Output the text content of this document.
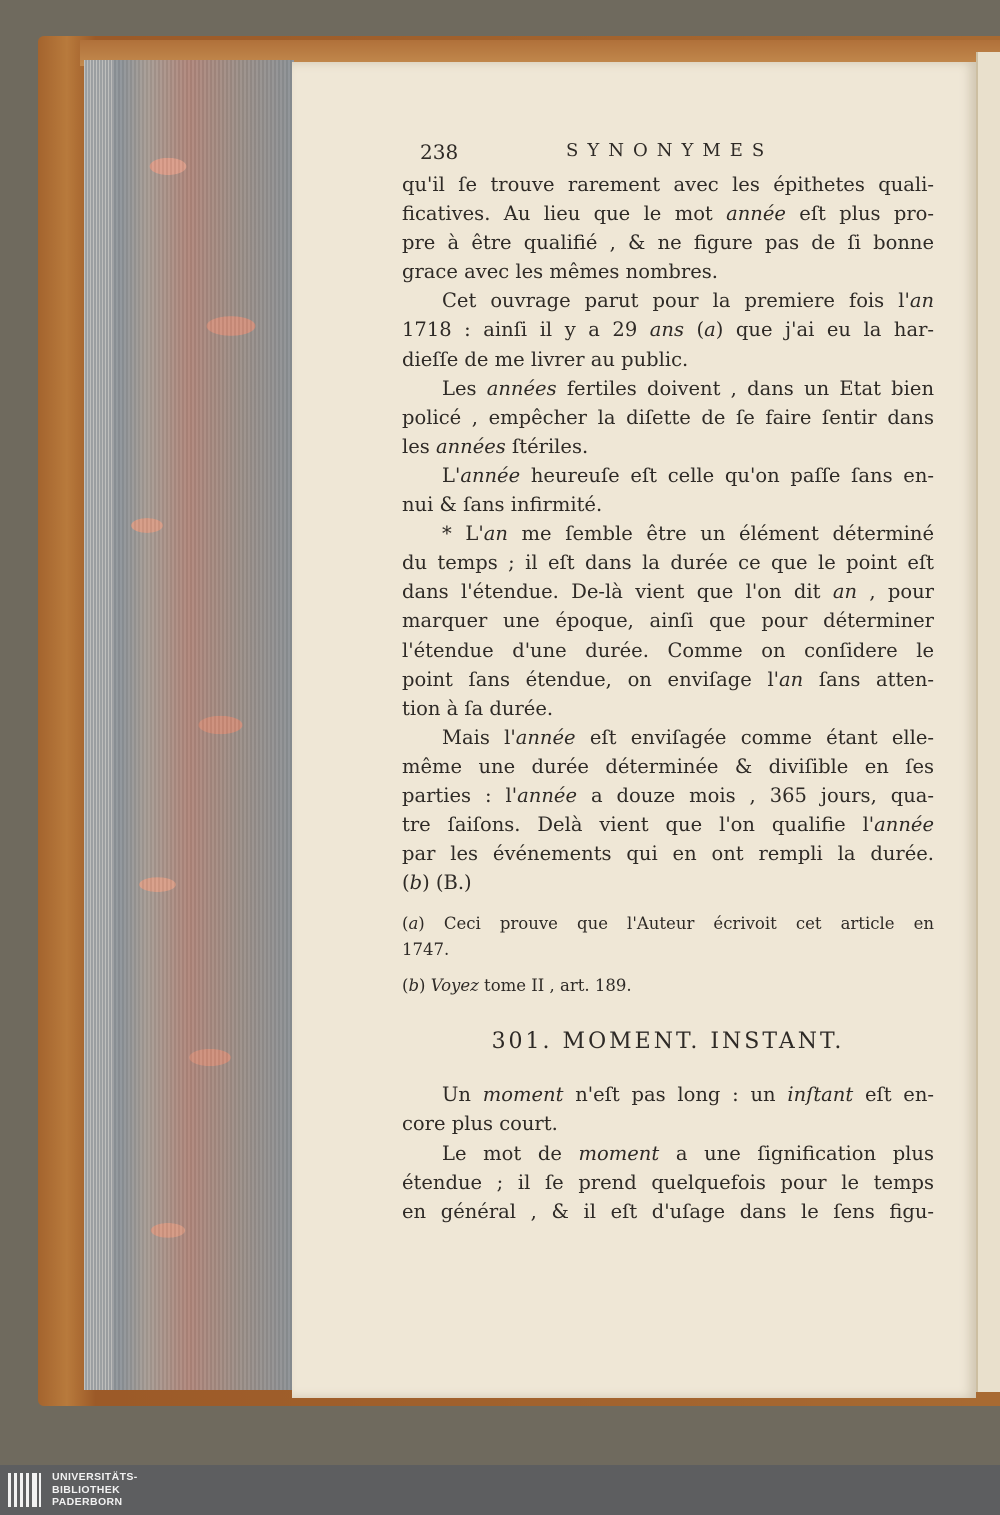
238	SYNONYMES
qu'il ſe trouve rarement avec les épithetes quali-
ficatives. Au lieu que le mot année eſt plus pro-
pre à être qualifié , & ne figure pas de ſi bonne
grace avec les mêmes nombres.
Cet ouvrage parut pour la premiere fois l'an
1718 : ainſi il y a 29 ans (a) que j'ai eu la har-
dieſſe de me livrer au public.
Les années fertiles doivent , dans un Etat bien
policé , empêcher la diſette de ſe faire ſentir dans
les années ſtériles.
L'année heureuſe eſt celle qu'on paſſe ſans en-
nui & ſans infirmité.
* L'an me ſemble être un élément déterminé
du temps ; il eſt dans la durée ce que le point eſt
dans l'étendue. De-là vient que l'on dit an , pour
marquer une époque, ainſi que pour déterminer
l'étendue d'une durée. Comme on conſidere le
point ſans étendue, on enviſage l'an ſans atten-
tion à ſa durée.
Mais l'année eſt enviſagée comme étant elle-
même une durée déterminée & diviſible en ſes
parties : l'année a douze mois , 365 jours, qua-
tre ſaiſons. Delà vient que l'on qualifie l'année
par les événements qui en ont rempli la durée.
(b) (B.)
(a) Ceci prouve que l'Auteur écrivoit cet article en
1747.
(b) Voyez tome II , art. 189.
301. MOMENT. INSTANT.
Un moment n'eſt pas long : un inſtant eſt en-
core plus court.
Le mot de moment a une ſignification plus
étendue ; il ſe prend quelquefois pour le temps
en général , & il eſt d'uſage dans le ſens figu-
UNIVERSITÄTS-
BIBLIOTHEK
PADERBORN
